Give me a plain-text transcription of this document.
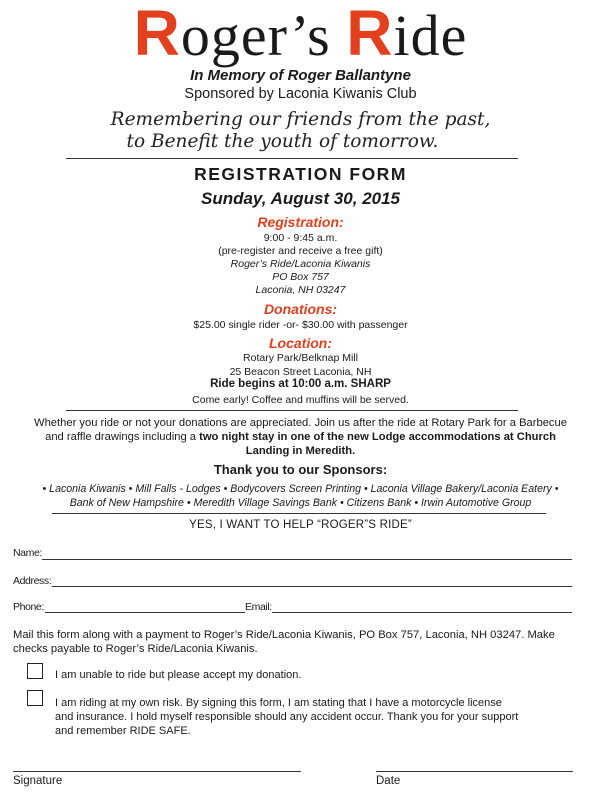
Roger’s Ride
In Memory of Roger Ballantyne
Sponsored by Laconia Kiwanis Club
Remembering our friends from the past,
to Benefit the youth of tomorrow.
REGISTRATION FORM
Sunday, August 30, 2015
Registration:
9:00 - 9:45 a.m.
(pre-register and receive a free gift)
Roger’s Ride/Laconia Kiwanis
PO Box 757
Laconia, NH 03247
Donations:
$25.00 single rider -or- $30.00 with passenger
Location:
Rotary Park/Belknap Mill
25 Beacon Street Laconia, NH
Ride begins at 10:00 a.m. SHARP
Come early! Coffee and muffins will be served.
Whether you ride or not your donations are appreciated. Join us after the ride at Rotary Park for a Barbecue
and raffle drawings including a two night stay in one of the new Lodge accommodations at Church
Landing in Meredith.
Thank you to our Sponsors:
• Laconia Kiwanis • Mill Falls - Lodges • Bodycovers Screen Printing • Laconia Village Bakery/Laconia Eatery •
Bank of New Hampshire • Meredith Village Savings Bank • Citizens Bank • Irwin Automotive Group
YES, I WANT TO HELP “ROGER”S RIDE”
Name:
Address:
Phone:	Email:
Mail this form along with a payment to Roger’s Ride/Laconia Kiwanis, PO Box 757, Laconia, NH 03247. Make
checks payable to Roger’s Ride/Laconia Kiwanis.
I am unable to ride but please accept my donation.
I am riding at my own risk. By signing this form, I am stating that I have a motorcycle license
and insurance. I hold myself responsible should any accident occur. Thank you for your support
and remember RIDE SAFE.
Signature	Date
